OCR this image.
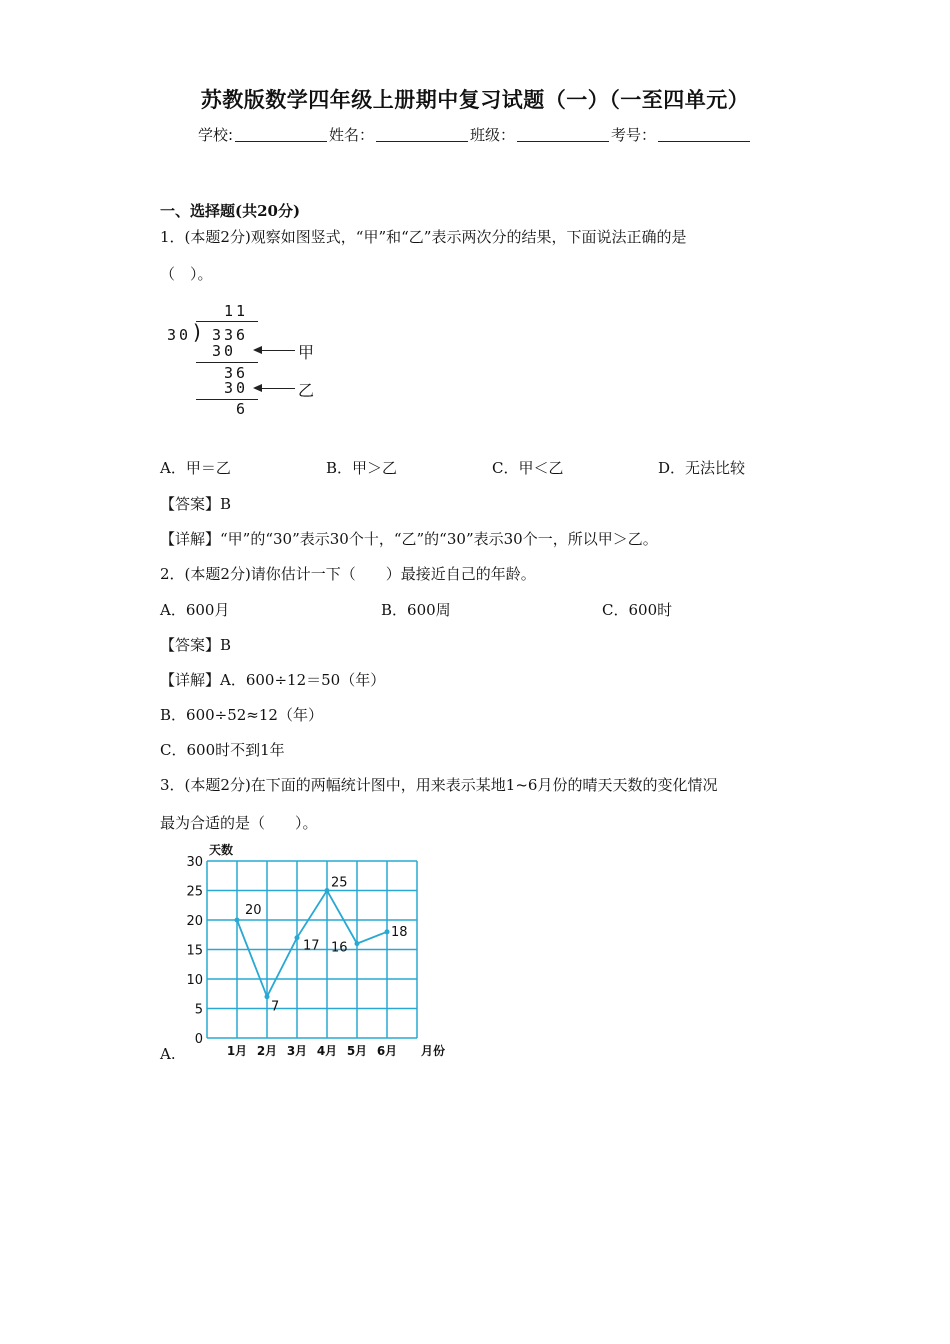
苏教版数学四年级上册期中复习试题（一）（一至四单元）
学校:	姓名：	班级：	考号：
一、选择题(共20分)
1．(本题2分)观察如图竖式，“甲”和“乙”表示两次分的结果，下面说法正确的是
（　）。
11
30 ) 336
30	甲
36
30	乙
6
A．甲＝乙	B．甲＞乙	C．甲＜乙	D．无法比较
【答案】B
【详解】“甲”的“30”表示30个十，“乙”的“30”表示30个一，所以甲＞乙。
2．(本题2分)请你估计一下（　　）最接近自己的年龄。
A．600月	B．600周	C．600时
【答案】B
【详解】A．600÷12＝50（年）
B．600÷52≈12（年）
C．600时不到1年
3．(本题2分)在下面的两幅统计图中，用来表示某地1~6月份的晴天天数的变化情况
最为合适的是（　　）。
0
5
10
15
20
25
30
天数
1月 2月 3月 4月 5月 6月 月份
20
7
17
25
16
18
A.
